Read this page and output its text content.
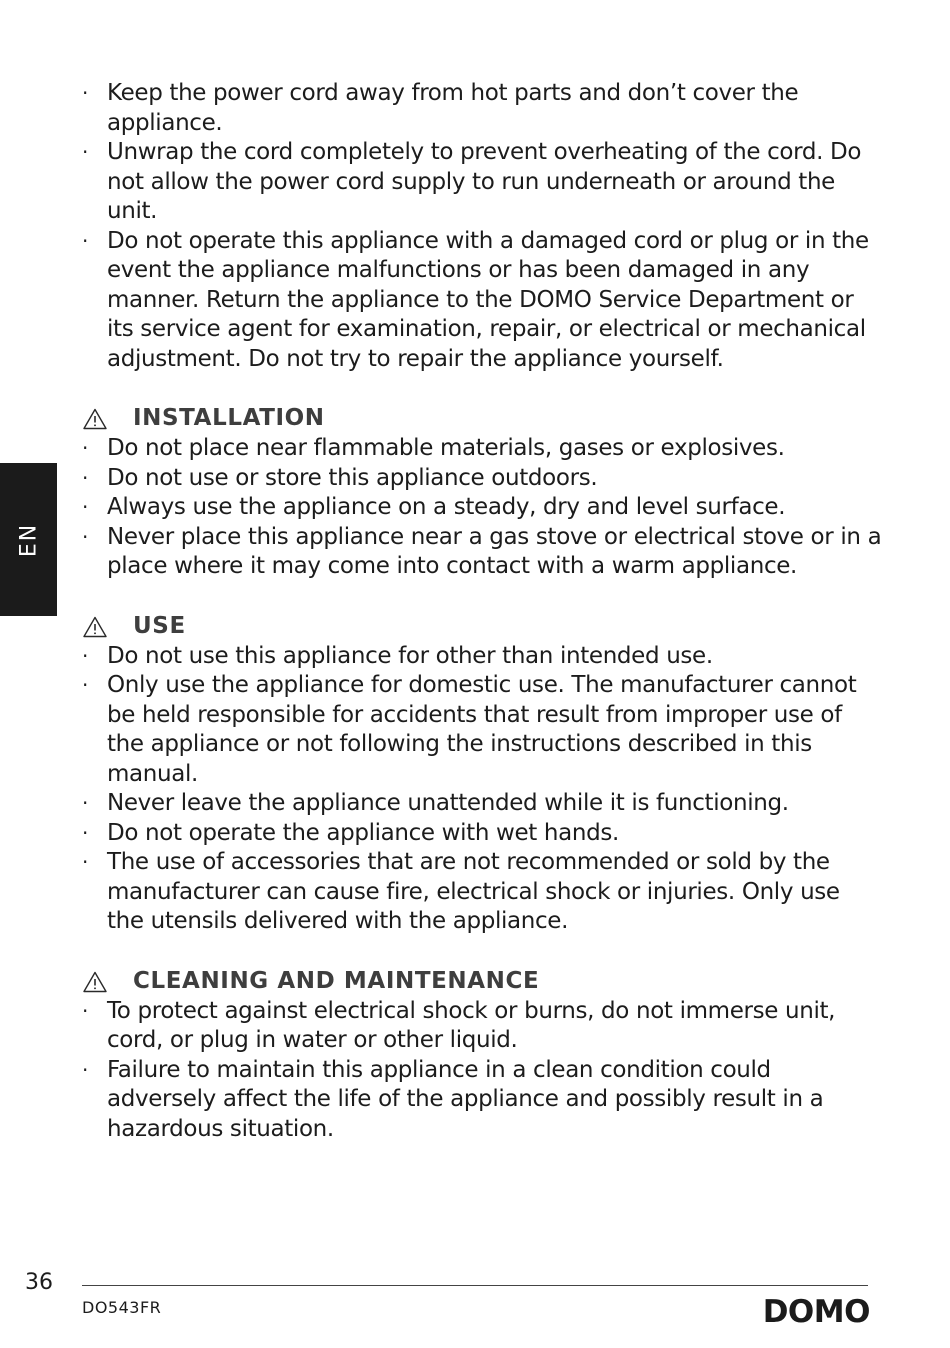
EN
· Keep the power cord away from hot parts and don’t cover the appliance.
· Unwrap the cord completely to prevent overheating of the cord. Do not allow the power cord supply to run underneath or around the unit.
· Do not operate this appliance with a damaged cord or plug or in the event the appliance malfunctions or has been damaged in any manner. Return the appliance to the DOMO Service Department or its service agent for examination, repair, or electrical or mechanical adjustment. Do not try to repair the appliance yourself.
INSTALLATION
· Do not place near flammable materials, gases or explosives.
· Do not use or store this appliance outdoors.
· Always use the appliance on a steady, dry and level surface.
· Never place this appliance near a gas stove or electrical stove or in a place where it may come into contact with a warm appliance.
USE
· Do not use this appliance for other than intended use.
· Only use the appliance for domestic use. The manufacturer cannot be held responsible for accidents that result from improper use of the appliance or not following the instructions described in this manual.
· Never leave the appliance unattended while it is functioning.
· Do not operate the appliance with wet hands.
· The use of accessories that are not recommended or sold by the manufacturer can cause fire, electrical shock or injuries. Only use the utensils delivered with the appliance.
CLEANING AND MAINTENANCE
· To protect against electrical shock or burns, do not immerse unit, cord, or plug in water or other liquid.
· Failure to maintain this appliance in a clean condition could adversely affect the life of the appliance and possibly result in a hazardous situation.
36
DO543FR	DOMO
